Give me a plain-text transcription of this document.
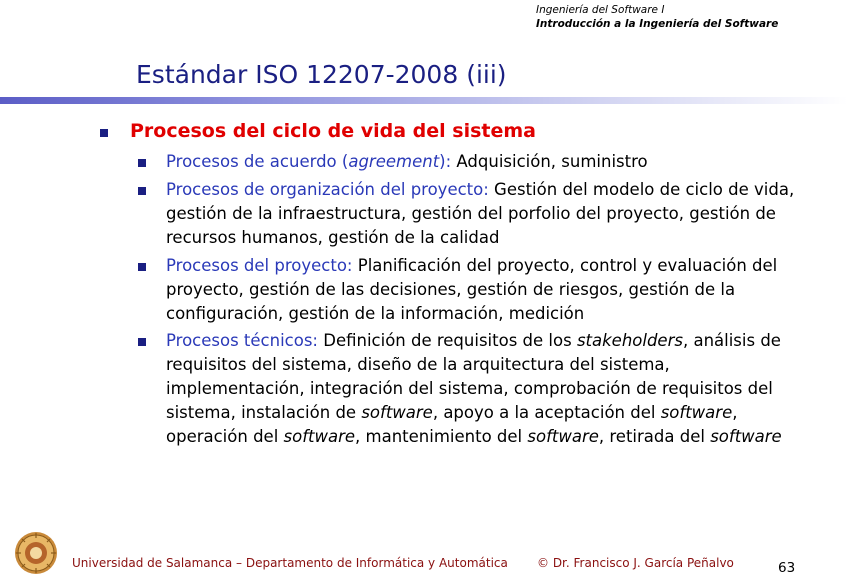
Ingeniería del Software I
Introducción a la Ingeniería del Software
Estándar ISO 12207-2008 (iii)
Procesos del ciclo de vida del sistema
Procesos de acuerdo (agreement): Adquisición, suministro
Procesos de organización del proyecto: Gestión del modelo de ciclo de vida, gestión de la infraestructura, gestión del porfolio del proyecto, gestión de recursos humanos, gestión de la calidad
Procesos del proyecto: Planificación del proyecto, control y evaluación del proyecto, gestión de las decisiones, gestión de riesgos, gestión de la configuración, gestión de la información, medición
Procesos técnicos: Definición de requisitos de los stakeholders, análisis de requisitos del sistema, diseño de la arquitectura del sistema, implementación, integración del sistema, comprobación de requisitos del sistema, instalación de software, apoyo a la aceptación del software, operación del software, mantenimiento del software, retirada del software
Universidad de Salamanca – Departamento de Informática y Automática © Dr. Francisco J. García Peñalvo	63
